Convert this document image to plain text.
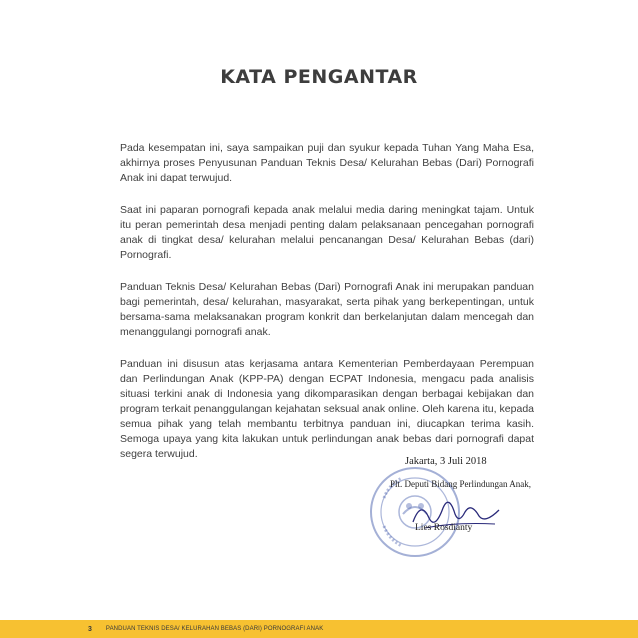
KATA PENGANTAR

Pada kesempatan ini, saya sampaikan puji dan syukur kepada Tuhan Yang Maha Esa, akhirnya proses Penyusunan Panduan Teknis Desa/ Kelurahan Bebas (Dari) Pornografi Anak ini dapat terwujud.

Saat ini paparan pornografi kepada anak melalui media daring meningkat tajam. Untuk itu peran pemerintah desa menjadi penting dalam pelaksanaan pencegahan pornografi anak di tingkat desa/ kelurahan melalui pencanangan Desa/ Kelurahan Bebas (dari) Pornografi.

Panduan Teknis Desa/ Kelurahan Bebas (Dari) Pornografi Anak ini merupakan panduan bagi pemerintah, desa/ kelurahan, masyarakat, serta pihak yang berkepentingan, untuk bersama-sama melaksanakan program konkrit dan berkelanjutan dalam mencegah dan menanggulangi pornografi anak.

Panduan ini disusun atas kerjasama antara Kementerian Pemberdayaan Perempuan dan Perlindungan Anak (KPP-PA) dengan ECPAT Indonesia, mengacu pada analisis situasi terkini anak di Indonesia yang dikomparasikan dengan berbagai kebijakan dan program terkait penanggulangan kejahatan seksual anak online. Oleh karena itu, kepada semua pihak yang telah membantu terbitnya panduan ini, diucapkan terima kasih. Semoga upaya yang kita lakukan untuk perlindungan anak bebas dari pornografi dapat segera terwujud.

Jakarta, 3 Juli 2018
Plt. Deputi Bidang Perlindungan Anak,
Lies Rosdianty
3 PANDUAN TEKNIS DESA/ KELURAHAN BEBAS (DARI) PORNOGRAFI ANAK
